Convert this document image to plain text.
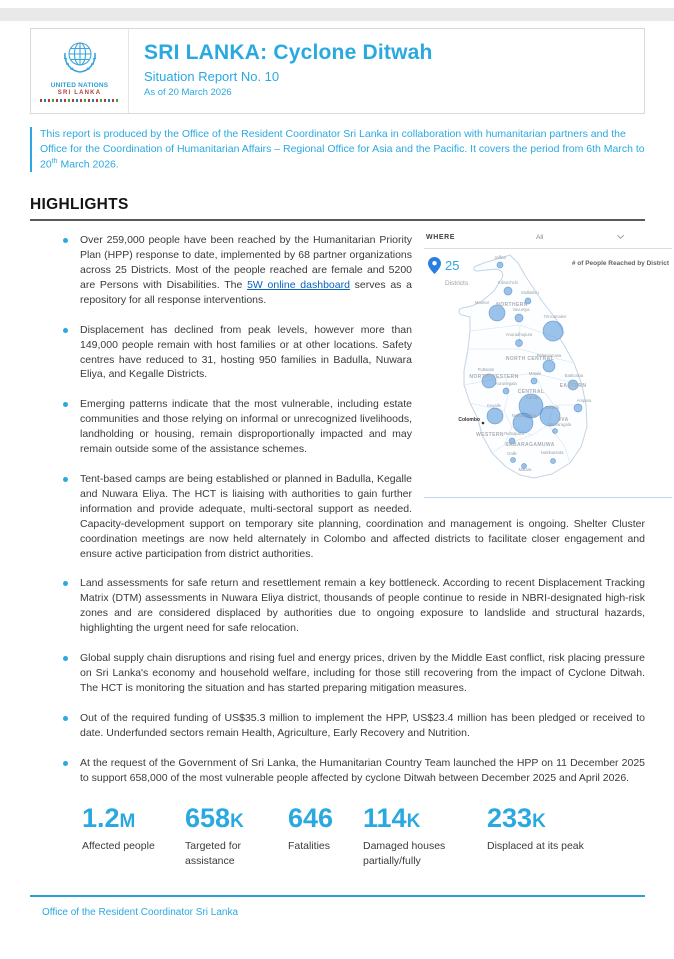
UNITED NATIONS
SRI LANKA
SRI LANKA: Cyclone Ditwah
Situation Report No. 10
As of 20 March 2026

This report is produced by the Office of the Resident Coordinator Sri Lanka in collaboration with humanitarian partners and the Office for the Coordination of Humanitarian Affairs – Regional Office for Asia and the Pacific. It covers the period from 6th March to 20th March 2026.

HIGHLIGHTS
WHERE	All
25
Districts
# of People Reached by District
NORTHERN
NORTH CENTRAL
NORTH WESTERN
CENTRAL
EASTERN
UVA
WESTERN
SABARAGAMUWA
Jaffna
Kilinochchi
Mullaitivu
Mannar
Vavuniya
Trincomalee
Anuradhapura
Polonnaruwa
Puttalam
Kurunegala
Matale	Batticaloa
Kandy
Ampara
Kegalle
Nuwara Eliya
Badulla
Ratnapura
Monaragala
Galle
Matara
Hambantota
Colombo
Over 259,000 people have been reached by the Humanitarian Priority Plan (HPP) response to date, implemented by 68 partner organizations across 25 Districts. Most of the people reached are female and 5200 are Persons with Disabilities. The 5W online dashboard serves as a repository for all response interventions.
Displacement has declined from peak levels, however more than 149,000 people remain with host families or at other locations. Safety centres have reduced to 31, hosting 950 families in Badulla, Nuwara Eliya, and Kegalle Districts.
Emerging patterns indicate that the most vulnerable, including estate communities and those relying on informal or unrecognized livelihoods, landholding or housing, remain disproportionally impacted and may remain outside some of the assistance schemes.
Tent-based camps are being established or planned in Badulla, Kegalle and Nuwara Eliya. The HCT is liaising with authorities to gain further information and provide adequate, multi-sectoral support as needed. Capacity-development support on temporary site planning, coordination and management is ongoing. Shelter Cluster coordination meetings are now held alternately in Colombo and affected districts to facilitate closer engagement and ensure active participation from district authorities.
Land assessments for safe return and resettlement remain a key bottleneck. According to recent Displacement Tracking Matrix (DTM) assessments in Nuwara Eliya district, thousands of people continue to reside in NBRI-designated high-risk zones and are considered displaced by authorities due to ongoing exposure to landslide and structural hazards, highlighting the urgent need for safe relocation.
Global supply chain disruptions and rising fuel and energy prices, driven by the Middle East conflict, risk placing pressure on Sri Lanka's economy and household welfare, including for those still recovering from the impact of Cyclone Ditwah. The HCT is monitoring the situation and has started preparing mitigation measures.
Out of the required funding of US$35.3 million to implement the HPP, US$23.4 million has been pledged or received to date. Underfunded sectors remain Health, Agriculture, Early Recovery and Nutrition.
At the request of the Government of Sri Lanka, the Humanitarian Country Team launched the HPP on 11 December 2025 to support 658,000 of the most vulnerable people affected by cyclone Ditwah between December 2025 and April 2026.
1.2M
Affected people
658K
Targeted for assistance
646
Fatalities
114K
Damaged houses partially/fully
233K
Displaced at its peak
Office of the Resident Coordinator Sri Lanka
